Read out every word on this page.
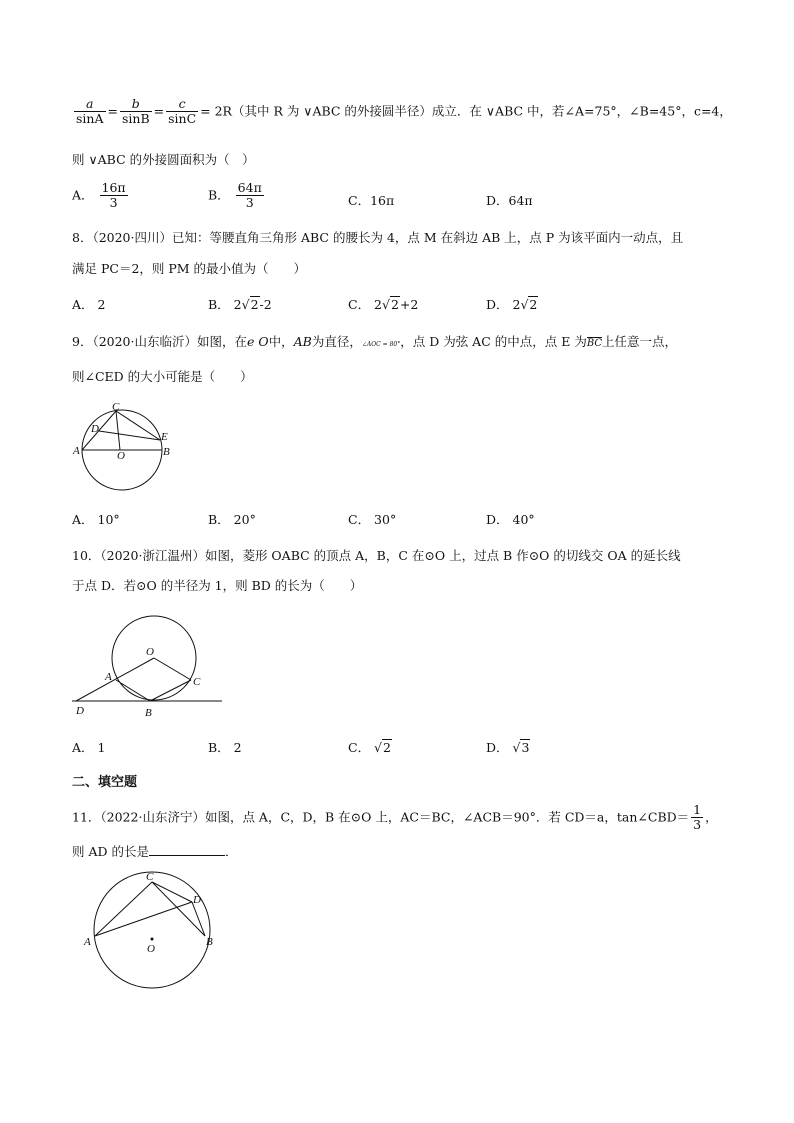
$\frac{a}{\sin A} = \frac{b}{\sin B} = \frac{c}{\sin C} = 2R$（其中 R 为 ∨ABC 的外接圆半径）成立．在 ∨ABC 中，若∠A=75°，∠B=45°，c=4，
则 ∨ABC 的外接圆面积为（　）
A． $\frac{16\pi}{3}$	B． $\frac{64\pi}{3}$	C．16π	D．64π
8．（2020·四川）已知：等腰直角三角形 ABC 的腰长为 4，点 M 在斜边 AB 上，点 P 为该平面内一动点，且
满足 PC＝2，则 PM 的最小值为（　　）
A． 2	B． 2√2-2	C． 2√2+2	D． 2√2
9．（2020·山东临沂）如图，在e O中，AB为直径，∠AOC = 80°，点 D 为弦 AC 的中点，点 E 为BC上任意一点，
则∠CED 的大小可能是（　　）
C
D
E
A	B
O
A． 10°	B． 20°	C． 30°	D． 40°
10．（2020·浙江温州）如图，菱形 OABC 的顶点 A，B，C 在⊙O 上，过点 B 作⊙O 的切线交 OA 的延长线
于点 D．若⊙O 的半径为 1，则 BD 的长为（　　）
O
A	C
D	B
A． 1	B． 2	C． √2	D． √3
二、填空题
11．（2022·山东济宁）如图，点 A，C，D，B 在⊙O 上，AC＝BC，∠ACB＝90°．若 CD＝a，tan∠CBD＝ $\frac{1}{3}$ ，
则 AD 的长是	．
C
D
A	B
O
